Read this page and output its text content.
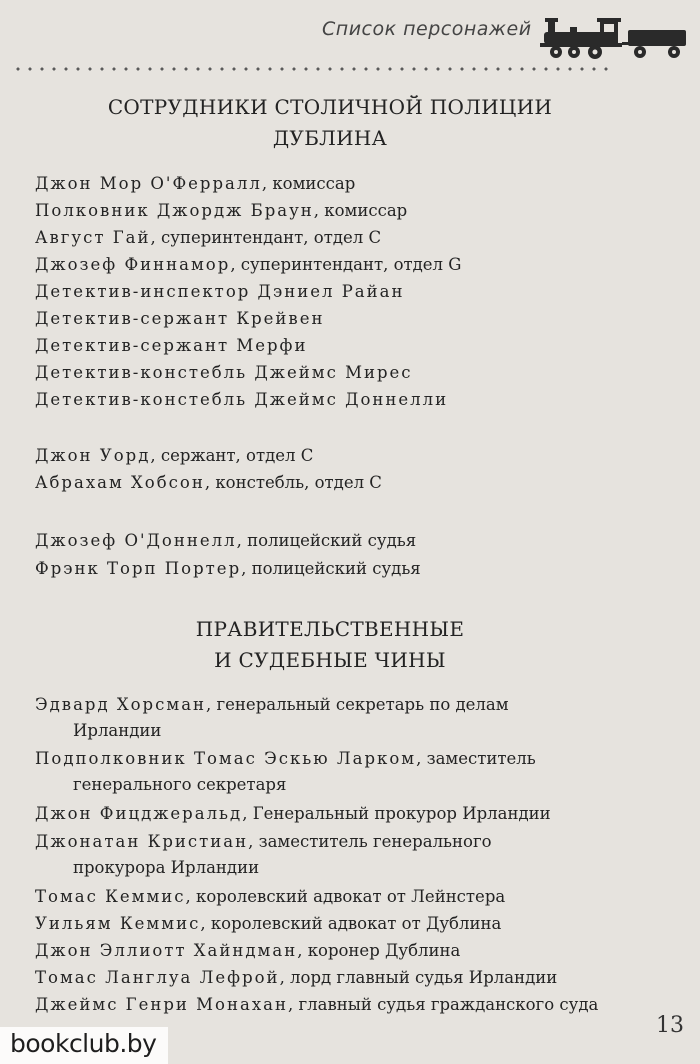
Список персонажей
СОТРУДНИКИ СТОЛИЧНОЙ ПОЛИЦИИ
ДУБЛИНА
Джон Мор О'Ферралл, комиссар
Полковник Джордж Браун, комиссар
Август Гай, суперинтендант, отдел С
Джозеф Финнамор, суперинтендант, отдел G
Детектив-инспектор Дэниел Райан
Детектив-сержант Крейвен
Детектив-сержант Мерфи
Детектив-констебль Джеймс Мирес
Детектив-констебль Джеймс Доннелли
Джон Уорд, сержант, отдел С
Абрахам Хобсон, констебль, отдел С
Джозеф О'Доннелл, полицейский судья
Фрэнк Торп Портер, полицейский судья
ПРАВИТЕЛЬСТВЕННЫЕ
И СУДЕБНЫЕ ЧИНЫ
Эдвард Хорсман, генеральный секретарь по делам
Ирландии
Подполковник Томас Эскью Ларком, заместитель
генерального секретаря
Джон Фицджеральд, Генеральный прокурор Ирландии
Джонатан Кристиан, заместитель генерального
прокурора Ирландии
Томас Кеммис, королевский адвокат от Лейнстера
Уильям Кеммис, королевский адвокат от Дублина
Джон Эллиотт Хайндман, коронер Дублина
Томас Ланглуа Лефрой, лорд главный судья Ирландии
Джеймс Генри Монахан, главный судья гражданского суда
13
bookclub.by
